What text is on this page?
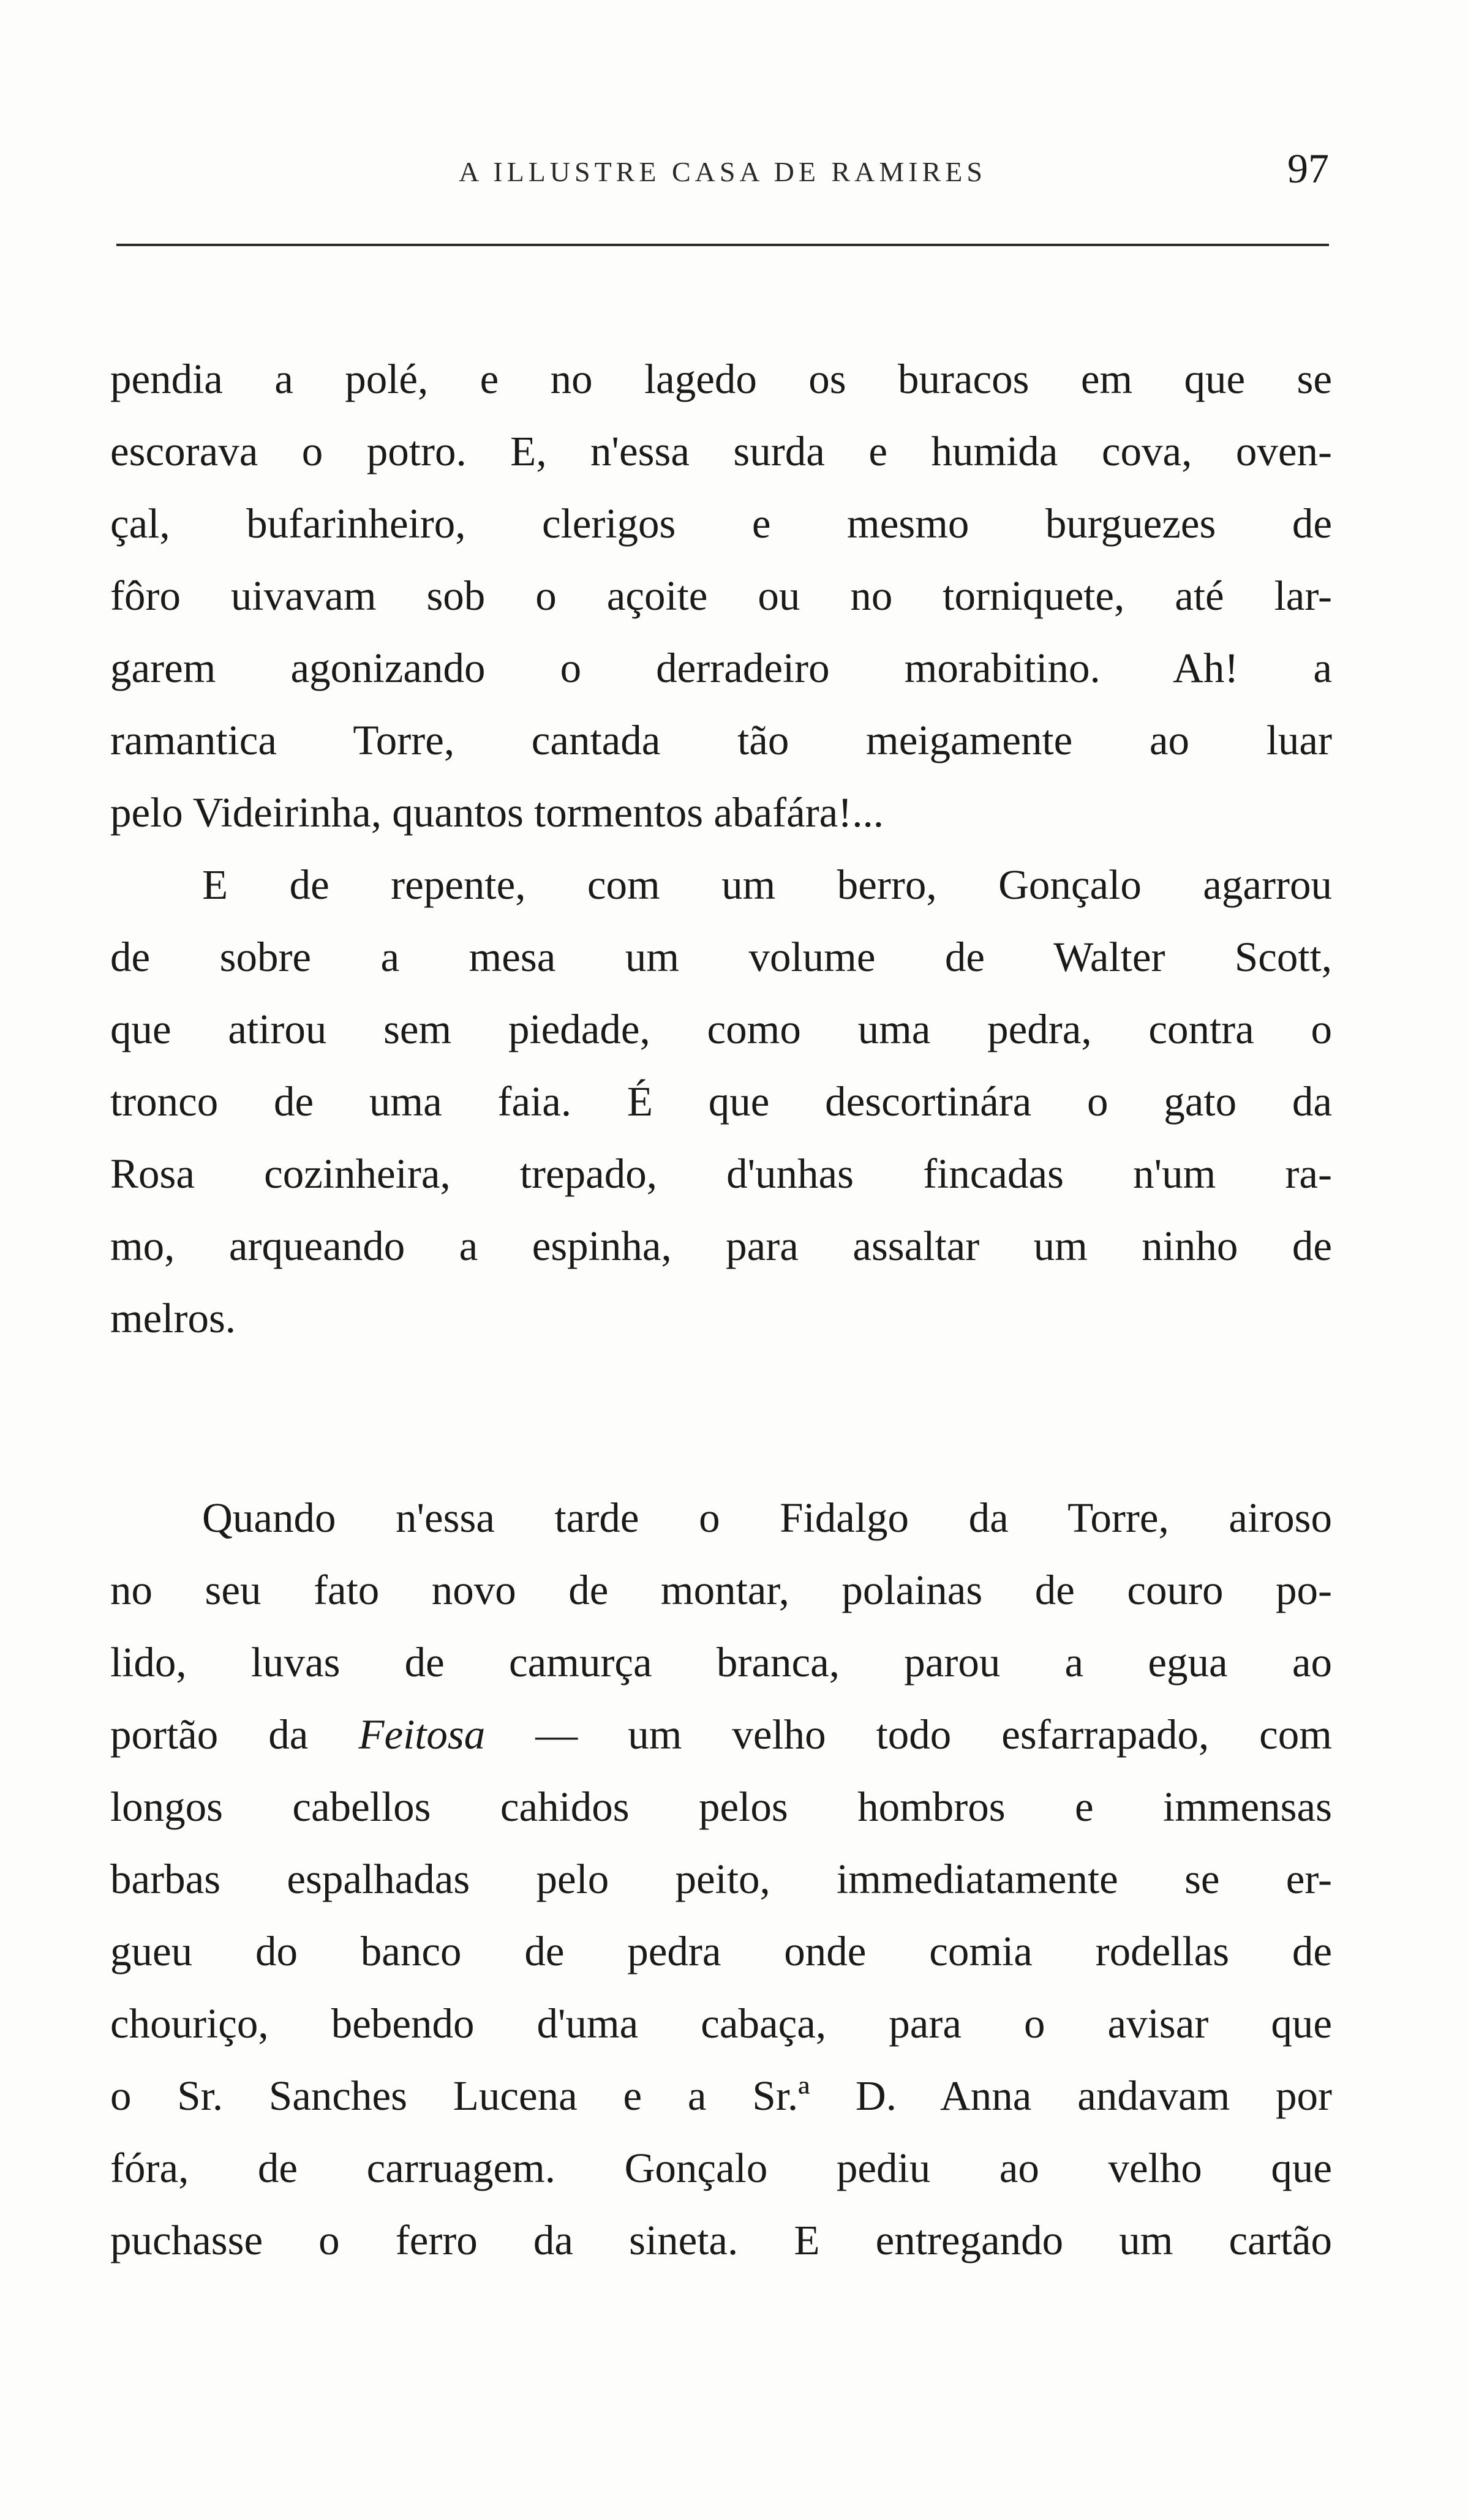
A ILLUSTRE CASA DE RAMIRES	97
pendia a polé, e no lagedo os buracos em que se
escorava o potro. E, n'essa surda e humida cova, oven-
çal, bufarinheiro, clerigos e mesmo burguezes de
fôro uivavam sob o açoite ou no torniquete, até lar-
garem agonizando o derradeiro morabitino. Ah! a
ramantica Torre, cantada tão meigamente ao luar
pelo Videirinha, quantos tormentos abafára!...
E de repente, com um berro, Gonçalo agarrou
de sobre a mesa um volume de Walter Scott,
que atirou sem piedade, como uma pedra, contra o
tronco de uma faia. É que descortinára o gato da
Rosa cozinheira, trepado, d'unhas fincadas n'um ra-
mo, arqueando a espinha, para assaltar um ninho de
melros.
Quando n'essa tarde o Fidalgo da Torre, airoso
no seu fato novo de montar, polainas de couro po-
lido, luvas de camurça branca, parou a egua ao
portão da Feitosa — um velho todo esfarrapado, com
longos cabellos cahidos pelos hombros e immensas
barbas espalhadas pelo peito, immediatamente se er-
gueu do banco de pedra onde comia rodellas de
chouriço, bebendo d'uma cabaça, para o avisar que
o Sr. Sanches Lucena e a Sr.ª D. Anna andavam por
fóra, de carruagem. Gonçalo pediu ao velho que
puchasse o ferro da sineta. E entregando um cartão
